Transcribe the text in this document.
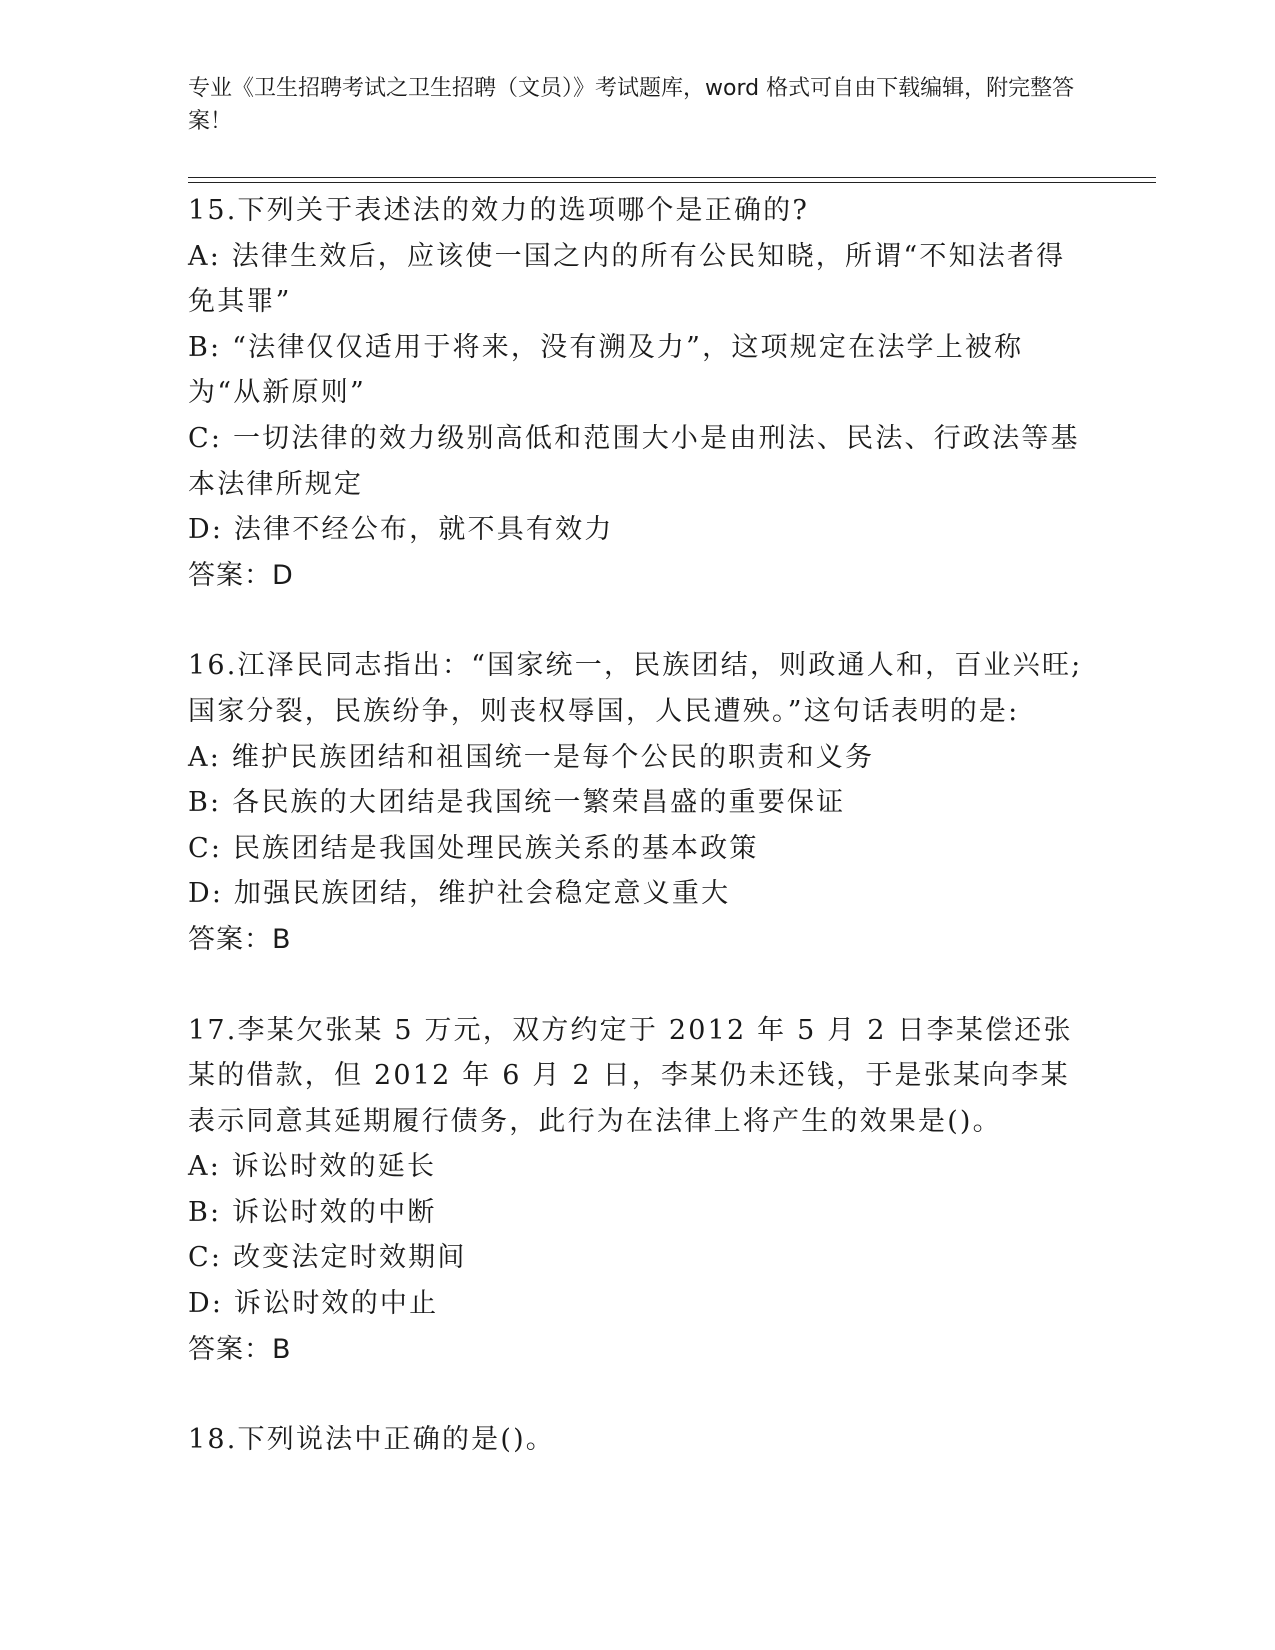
专业《卫生招聘考试之卫生招聘（文员）》考试题库，word 格式可自由下载编辑，附完整答案！

15.下列关于表述法的效力的选项哪个是正确的?

A: 法律生效后，应该使一国之内的所有公民知晓，所谓“不知法者得免其罪”

B: “法律仅仅适用于将来，没有溯及力”，这项规定在法学上被称为“从新原则”

C: 一切法律的效力级别高低和范围大小是由刑法、民法、行政法等基本法律所规定

D: 法律不经公布，就不具有效力

答案：D

16.江泽民同志指出：“国家统一，民族团结，则政通人和，百业兴旺;国家分裂，民族纷争，则丧权辱国，人民遭殃。”这句话表明的是:

A: 维护民族团结和祖国统一是每个公民的职责和义务

B: 各民族的大团结是我国统一繁荣昌盛的重要保证

C: 民族团结是我国处理民族关系的基本政策

D: 加强民族团结，维护社会稳定意义重大

答案：B

17.李某欠张某 5 万元，双方约定于 2012 年 5 月 2 日李某偿还张某的借款，但 2012 年 6 月 2 日，李某仍未还钱，于是张某向李某表示同意其延期履行债务，此行为在法律上将产生的效果是()。

A: 诉讼时效的延长

B: 诉讼时效的中断

C: 改变法定时效期间

D: 诉讼时效的中止

答案：B

18.下列说法中正确的是()。
